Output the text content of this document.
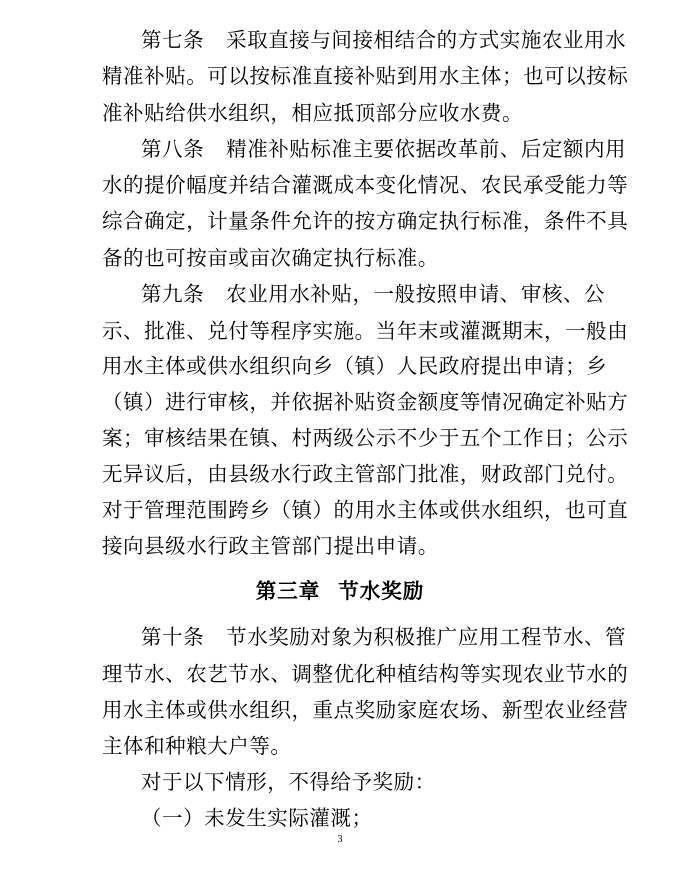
第七条 采取直接与间接相结合的方式实施农业用水
精准补贴。可以按标准直接补贴到用水主体；也可以按标
准补贴给供水组织，相应抵顶部分应收水费。
第八条 精准补贴标准主要依据改革前、后定额内用
水的提价幅度并结合灌溉成本变化情况、农民承受能力等
综合确定，计量条件允许的按方确定执行标准，条件不具
备的也可按亩或亩次确定执行标准。
第九条 农业用水补贴，一般按照申请、审核、公
示、批准、兑付等程序实施。当年末或灌溉期末，一般由
用水主体或供水组织向乡（镇）人民政府提出申请；乡
（镇）进行审核，并依据补贴资金额度等情况确定补贴方
案；审核结果在镇、村两级公示不少于五个工作日；公示
无异议后，由县级水行政主管部门批准，财政部门兑付。
对于管理范围跨乡（镇）的用水主体或供水组织，也可直
接向县级水行政主管部门提出申请。
第三章 节水奖励
第十条 节水奖励对象为积极推广应用工程节水、管
理节水、农艺节水、调整优化种植结构等实现农业节水的
用水主体或供水组织，重点奖励家庭农场、新型农业经营
主体和种粮大户等。
对于以下情形，不得给予奖励：
3
（一）未发生实际灌溉；
